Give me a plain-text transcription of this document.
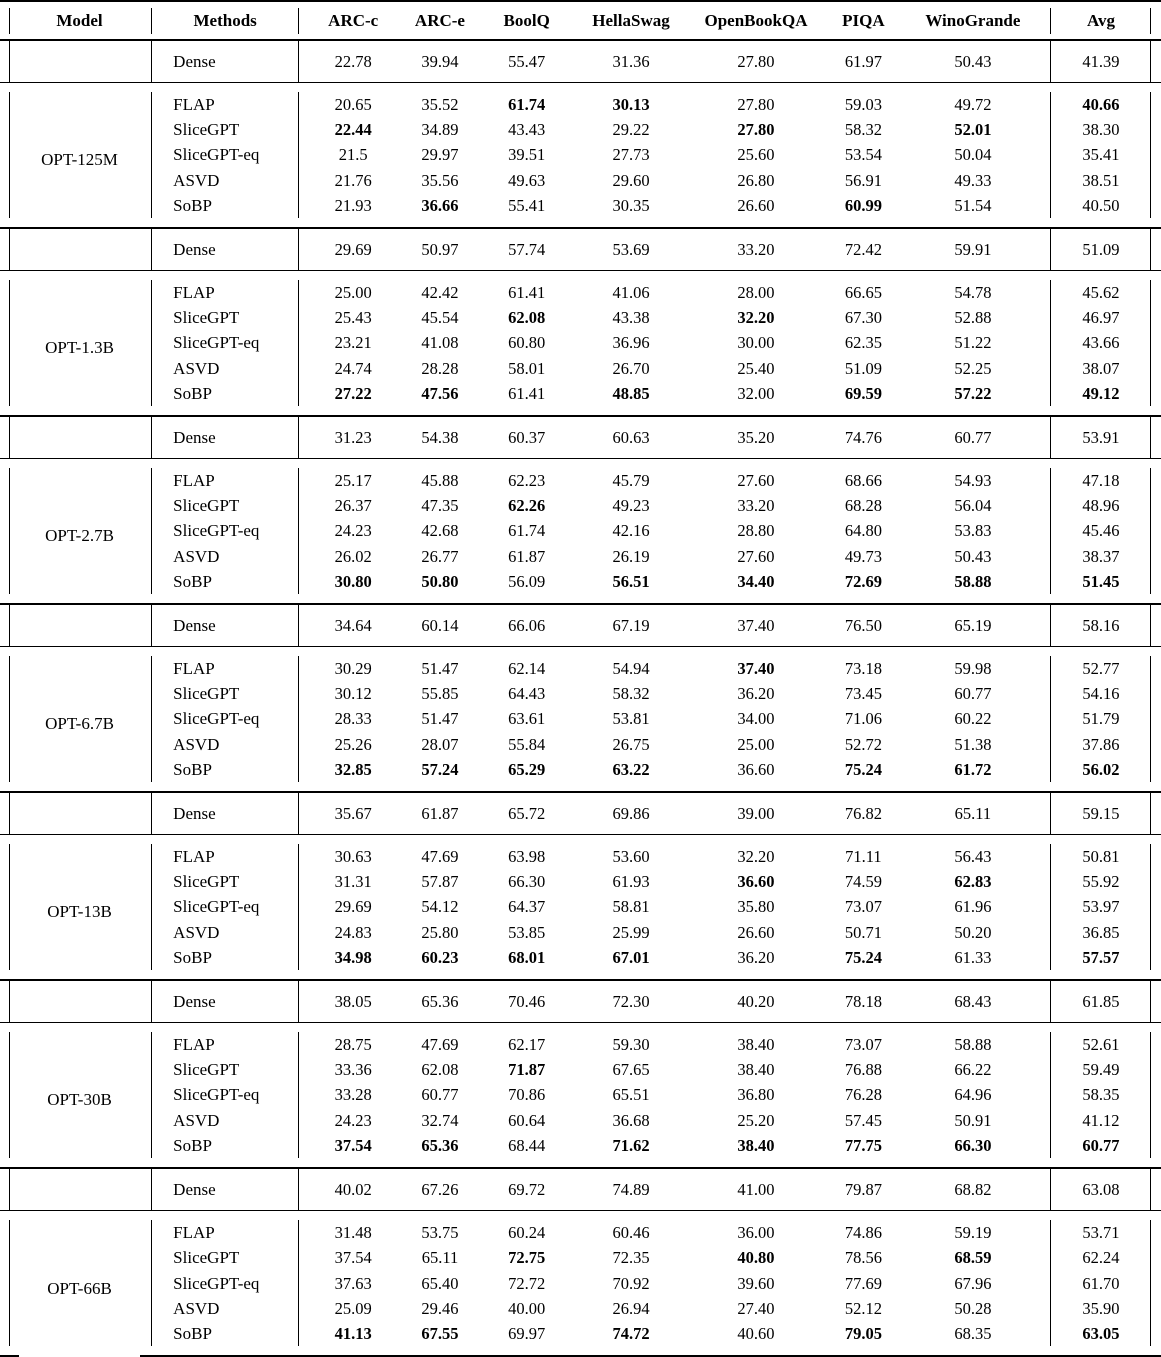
	Model		Methods		ARC-c	ARC-e	BoolQ	HellaSwag	OpenBookQA	PIQA	WinoGrande		Avg	

	Dense		22.78	39.94	55.47	31.36	27.80	61.97	50.43		41.39	

	OPT-125M		FLAP		20.65	35.52	61.74	30.13	27.80	59.03	49.72		40.66	

		SliceGPT		22.44	34.89	43.43	29.22	27.80	58.32	52.01		38.30	

		SliceGPT-eq		21.5	29.97	39.51	27.73	25.60	53.54	50.04		35.41	

		ASVD		21.76	35.56	49.63	29.60	26.80	56.91	49.33		38.51	

		SoBP		21.93	36.66	55.41	30.35	26.60	60.99	51.54		40.50	

	Dense		29.69	50.97	57.74	53.69	33.20	72.42	59.91		51.09	

	OPT-1.3B		FLAP		25.00	42.42	61.41	41.06	28.00	66.65	54.78		45.62	

		SliceGPT		25.43	45.54	62.08	43.38	32.20	67.30	52.88		46.97	

		SliceGPT-eq		23.21	41.08	60.80	36.96	30.00	62.35	51.22		43.66	

		ASVD		24.74	28.28	58.01	26.70	25.40	51.09	52.25		38.07	

		SoBP		27.22	47.56	61.41	48.85	32.00	69.59	57.22		49.12	

	Dense		31.23	54.38	60.37	60.63	35.20	74.76	60.77		53.91	

	OPT-2.7B		FLAP		25.17	45.88	62.23	45.79	27.60	68.66	54.93		47.18	

		SliceGPT		26.37	47.35	62.26	49.23	33.20	68.28	56.04		48.96	

		SliceGPT-eq		24.23	42.68	61.74	42.16	28.80	64.80	53.83		45.46	

		ASVD		26.02	26.77	61.87	26.19	27.60	49.73	50.43		38.37	

		SoBP		30.80	50.80	56.09	56.51	34.40	72.69	58.88		51.45	

	Dense		34.64	60.14	66.06	67.19	37.40	76.50	65.19		58.16	

	OPT-6.7B		FLAP		30.29	51.47	62.14	54.94	37.40	73.18	59.98		52.77	

		SliceGPT		30.12	55.85	64.43	58.32	36.20	73.45	60.77		54.16	

		SliceGPT-eq		28.33	51.47	63.61	53.81	34.00	71.06	60.22		51.79	

		ASVD		25.26	28.07	55.84	26.75	25.00	52.72	51.38		37.86	

		SoBP		32.85	57.24	65.29	63.22	36.60	75.24	61.72		56.02	

	Dense		35.67	61.87	65.72	69.86	39.00	76.82	65.11		59.15	

	OPT-13B		FLAP		30.63	47.69	63.98	53.60	32.20	71.11	56.43		50.81	

		SliceGPT		31.31	57.87	66.30	61.93	36.60	74.59	62.83		55.92	

		SliceGPT-eq		29.69	54.12	64.37	58.81	35.80	73.07	61.96		53.97	

		ASVD		24.83	25.80	53.85	25.99	26.60	50.71	50.20		36.85	

		SoBP		34.98	60.23	68.01	67.01	36.20	75.24	61.33		57.57	

	Dense		38.05	65.36	70.46	72.30	40.20	78.18	68.43		61.85	

	OPT-30B		FLAP		28.75	47.69	62.17	59.30	38.40	73.07	58.88		52.61	

		SliceGPT		33.36	62.08	71.87	67.65	38.40	76.88	66.22		59.49	

		SliceGPT-eq		33.28	60.77	70.86	65.51	36.80	76.28	64.96		58.35	

		ASVD		24.23	32.74	60.64	36.68	25.20	57.45	50.91		41.12	

		SoBP		37.54	65.36	68.44	71.62	38.40	77.75	66.30		60.77	

	Dense		40.02	67.26	69.72	74.89	41.00	79.87	68.82		63.08	

	OPT-66B		FLAP		31.48	53.75	60.24	60.46	36.00	74.86	59.19		53.71	

		SliceGPT		37.54	65.11	72.75	72.35	40.80	78.56	68.59		62.24	

		SliceGPT-eq		37.63	65.40	72.72	70.92	39.60	77.69	67.96		61.70	

		ASVD		25.09	29.46	40.00	26.94	27.40	52.12	50.28		35.90	

		SoBP		41.13	67.55	69.97	74.72	40.60	79.05	68.35		63.05	
